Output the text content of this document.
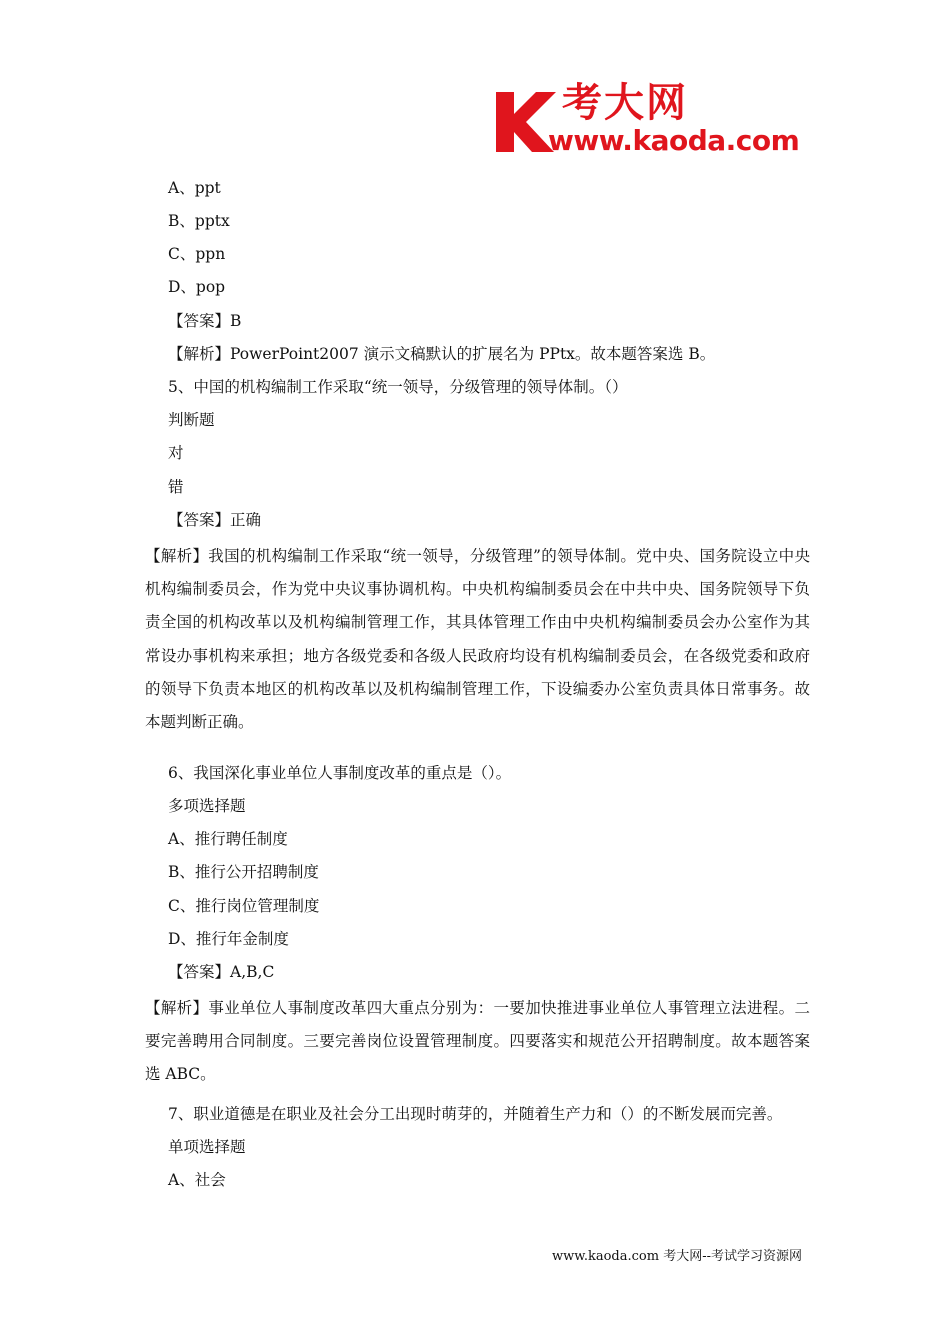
考大网
www.kaoda.com
A、ppt
B、pptx
C、ppn
D、pop
【答案】B
【解析】PowerPoint2007 演示文稿默认的扩展名为 PPtx。故本题答案选 B。
5、中国的机构编制工作采取“统一领导，分级管理的领导体制。（）
判断题
对
错
【答案】正确
【解析】我国的机构编制工作采取“统一领导，分级管理”的领导体制。党中央、国务院设立中央机构编制委员会，作为党中央议事协调机构。中央机构编制委员会在中共中央、国务院领导下负责全国的机构改革以及机构编制管理工作，其具体管理工作由中央机构编制委员会办公室作为其常设办事机构来承担；地方各级党委和各级人民政府均设有机构编制委员会，在各级党委和政府的领导下负责本地区的机构改革以及机构编制管理工作，下设编委办公室负责具体日常事务。故本题判断正确。
6、我国深化事业单位人事制度改革的重点是（）。
多项选择题
A、推行聘任制度
B、推行公开招聘制度
C、推行岗位管理制度
D、推行年金制度
【答案】A,B,C
【解析】事业单位人事制度改革四大重点分别为：一要加快推进事业单位人事管理立法进程。二要完善聘用合同制度。三要完善岗位设置管理制度。四要落实和规范公开招聘制度。故本题答案选 ABC。
7、职业道德是在职业及社会分工出现时萌芽的，并随着生产力和（）的不断发展而完善。
单项选择题
A、社会
www.kaoda.com 考大网--考试学习资源网
